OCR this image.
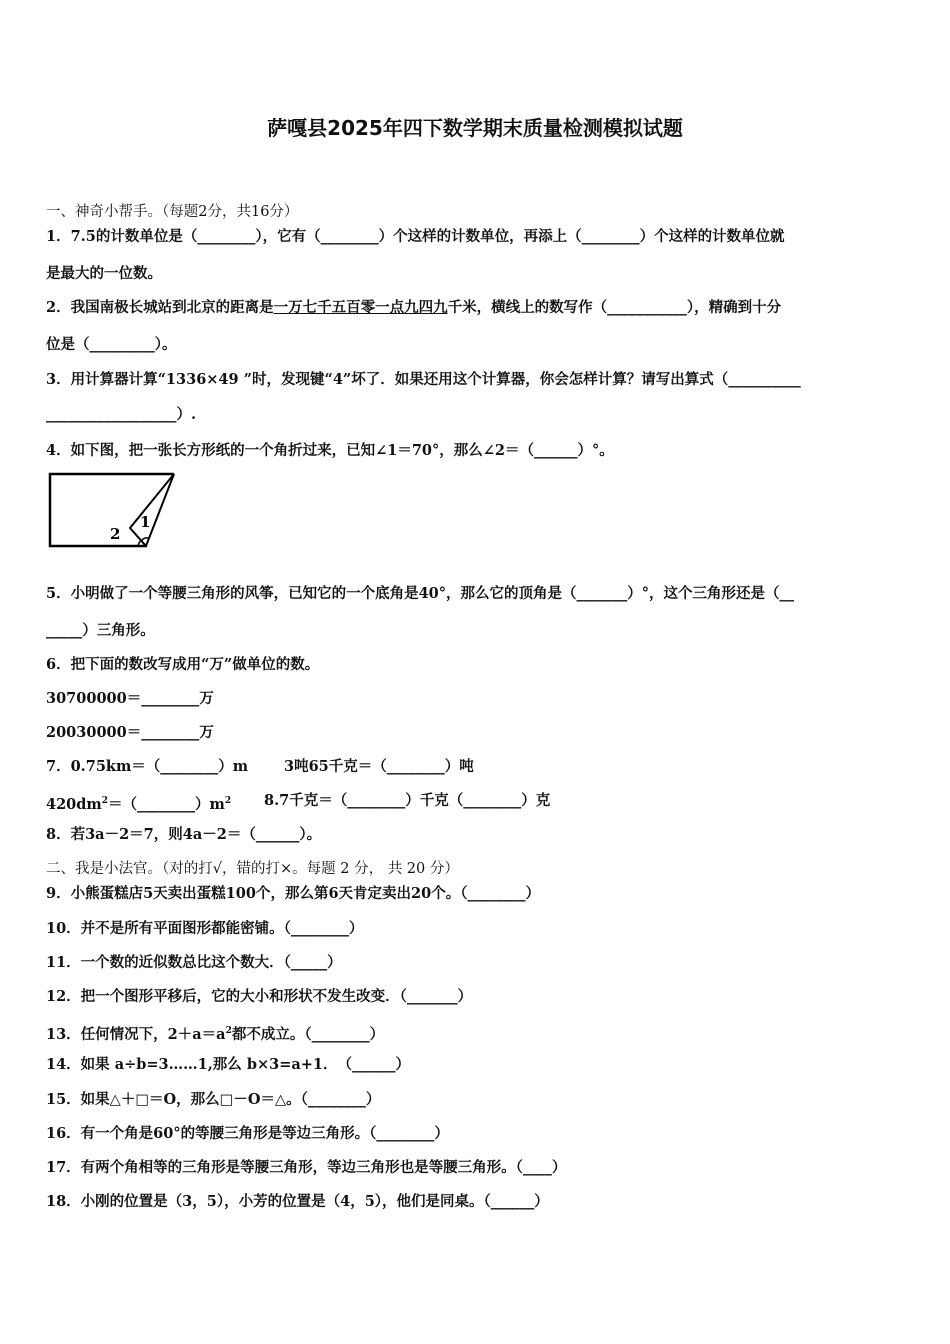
萨嘎县2025年四下数学期末质量检测模拟试题
一、神奇小帮手。（每题2分，共16分）
1．7.5的计数单位是（________），它有（________）个这样的计数单位，再添上（________）个这样的计数单位就
是最大的一位数。
2．我国南极长城站到北京的距离是一万七千五百零一点九四九千米，横线上的数写作（___________），精确到十分
位是（_________）。
3．用计算器计算“1336×49 ”时，发现键“4”坏了．如果还用这个计算器，你会怎样计算？请写出算式（__________
__________________）.
4．如下图，把一张长方形纸的一个角折过来，已知∠1＝70°，那么∠2＝（______）°。
1
2
5．小明做了一个等腰三角形的风筝，已知它的一个底角是40°，那么它的顶角是（_______）°，这个三角形还是（__
_____）三角形。
6．把下面的数改写成用“万”做单位的数。
30700000＝________万
20030000＝________万
7．0.75km＝（________）m 3吨65千克＝（________）吨
$420dm^2=(\_\_\_\_\_\_\_\_)m^2$ 8.7千克＝（________）千克（________）克
8．若3a－2＝7，则4a－2＝（______）。
二、我是小法官。（对的打√，错的打×。每题 2 分， 共 20 分）
9．小熊蛋糕店5天卖出蛋糕100个，那么第6天肯定卖出20个。（________）
10．并不是所有平面图形都能密铺。（________）
11．一个数的近似数总比这个数大．（_____）
12．把一个图形平移后，它的大小和形状不发生改变．（_______）
13．任何情况下，$2+a=a^2$都不成立。（________）
14．如果 a÷b=3……1,那么 b×3=a+1．　（______）
15．如果△＋□＝O，那么□－O＝△。（________）
16．有一个角是60°的等腰三角形是等边三角形。（________）
17．有两个角相等的三角形是等腰三角形，等边三角形也是等腰三角形。（____）
18．小刚的位置是（3，5），小芳的位置是（4，5），他们是同桌。（______）
